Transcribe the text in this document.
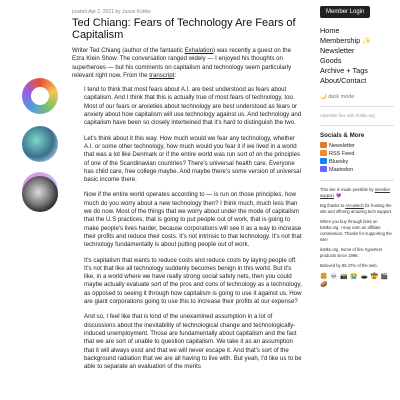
posted Apr 2, 2021 by Jason Kottke
Ted Chiang: Fears of Technology Are Fears of Capitalism

Writer Ted Chiang (author of the fantastic Exhalation) was recently a guest on the Ezra Klein Show. The conversation ranged widely — I enjoyed his thoughts on superheroes — but his comments on capitalism and technology seem particularly relevant right now. From the transcript:

I tend to think that most fears about A.I. are best understood as fears about capitalism. And I think that this is actually true of most fears of technology, too. Most of our fears or anxieties about technology are best understood as fears or anxiety about how capitalism will use technology against us. And technology and capitalism have been so closely intertwined that it's hard to distinguish the two.

Let's think about it this way. How much would we fear any technology, whether A.I. or some other technology, how much would you fear it if we lived in a world that was a lot like Denmark or if the entire world was run sort of on the principles of one of the Scandinavian countries? There's universal health care. Everyone has child care, free college maybe. And maybe there's some version of universal basic income there.

Now if the entire world operates according to — is run on those principles, how much do you worry about a new technology then? I think much, much less than we do now. Most of the things that we worry about under the mode of capitalism that the U.S practices, that is going to put people out of work, that is going to make people's lives harder, because corporations will see it as a way to increase their profits and reduce their costs. It's not intrinsic to that technology. It's not that technology fundamentally is about putting people out of work.

It's capitalism that wants to reduce costs and reduce costs by laying people off. It's not that like all technology suddenly becomes benign in this world. But it's like, in a world where we have really strong social safety nets, then you could maybe actually evaluate sort of the pros and cons of technology as a technology, as opposed to seeing it through how capitalism is going to use it against us. How are giant corporations going to use this to increase their profits at our expense?

And so, I feel like that is kind of the unexamined assumption in a lot of discussions about the inevitability of technological change and technologically-induced unemployment. Those are fundamentally about capitalism and the fact that we are sort of unable to question capitalism. We take it as an assumption that it will always exist and that we will never escape it. And that's sort of the background radiation that we are all having to live with. But yeah, I'd like us to be able to separate an evaluation of the merits

Member Login
Home
Membership ✨
Newsletter
Goods
Archive + Tags
About/Contact
🌙 dark mode
Advertise free with Kottke.org
Socials & More
Newsletter
RSS Feed
Bluesky
Mastodon
This site is made possible by member support. 💜
Big thanks to Arcustech for hosting the site and offering amazing tech support.
When you buy through links on kottke.org, I may earn an affiliate commission. Thanks for supporting the site!
kottke.org. home of fine hypertext products since 1998.
Beloved by 86.47% of the web.
🍔 💀 📸 😭 🕳️ 🤠 🎬 🥔
